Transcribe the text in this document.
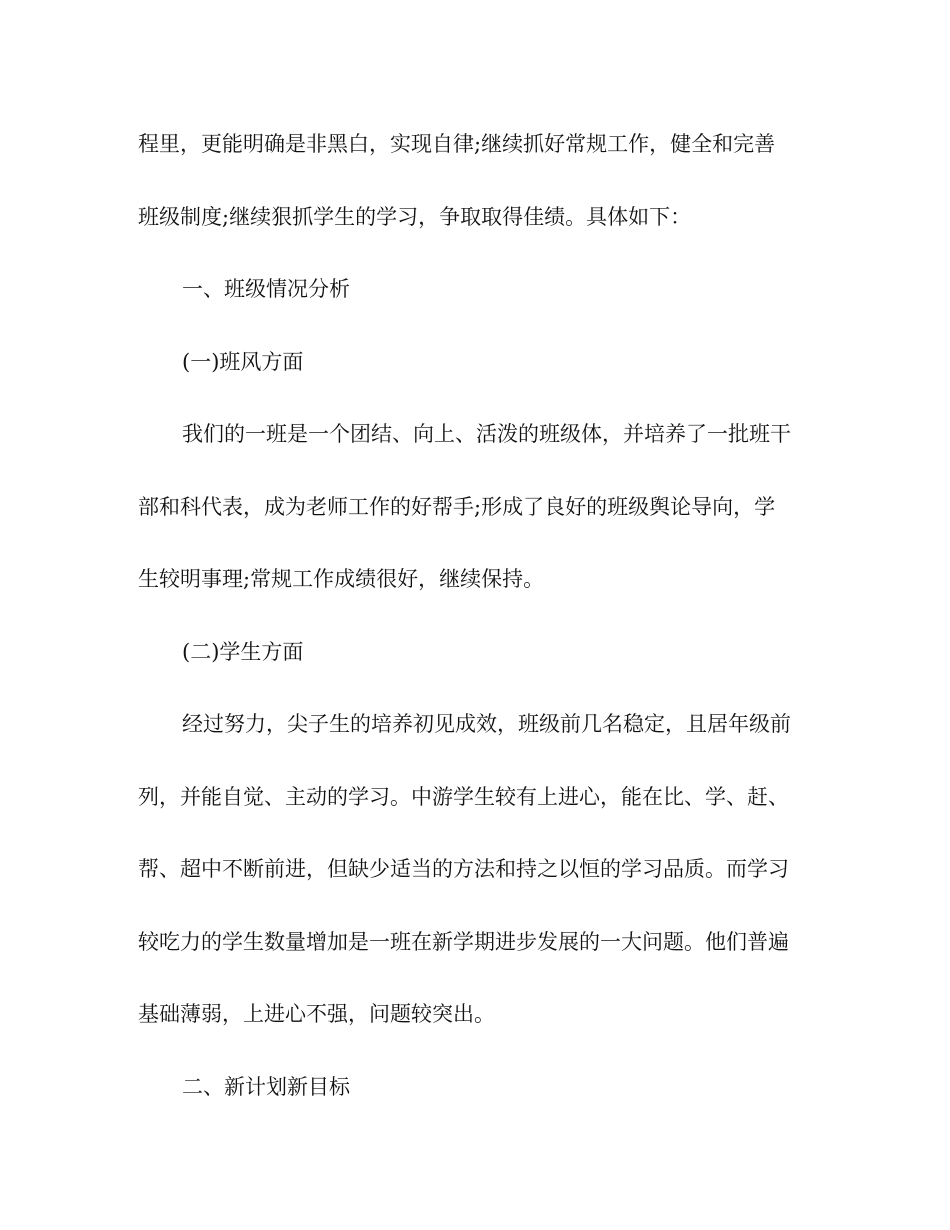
程里，更能明确是非黑白，实现自律;继续抓好常规工作，健全和完善
班级制度;继续狠抓学生的学习，争取取得佳绩。具体如下：
一、班级情况分析
(一)班风方面
我们的一班是一个团结、向上、活泼的班级体，并培养了一批班干
部和科代表，成为老师工作的好帮手;形成了良好的班级舆论导向，学
生较明事理;常规工作成绩很好，继续保持。
(二)学生方面
经过努力，尖子生的培养初见成效，班级前几名稳定，且居年级前
列，并能自觉、主动的学习。中游学生较有上进心，能在比、学、赶、
帮、超中不断前进，但缺少适当的方法和持之以恒的学习品质。而学习
较吃力的学生数量增加是一班在新学期进步发展的一大问题。他们普遍
基础薄弱，上进心不强，问题较突出。
二、新计划新目标
